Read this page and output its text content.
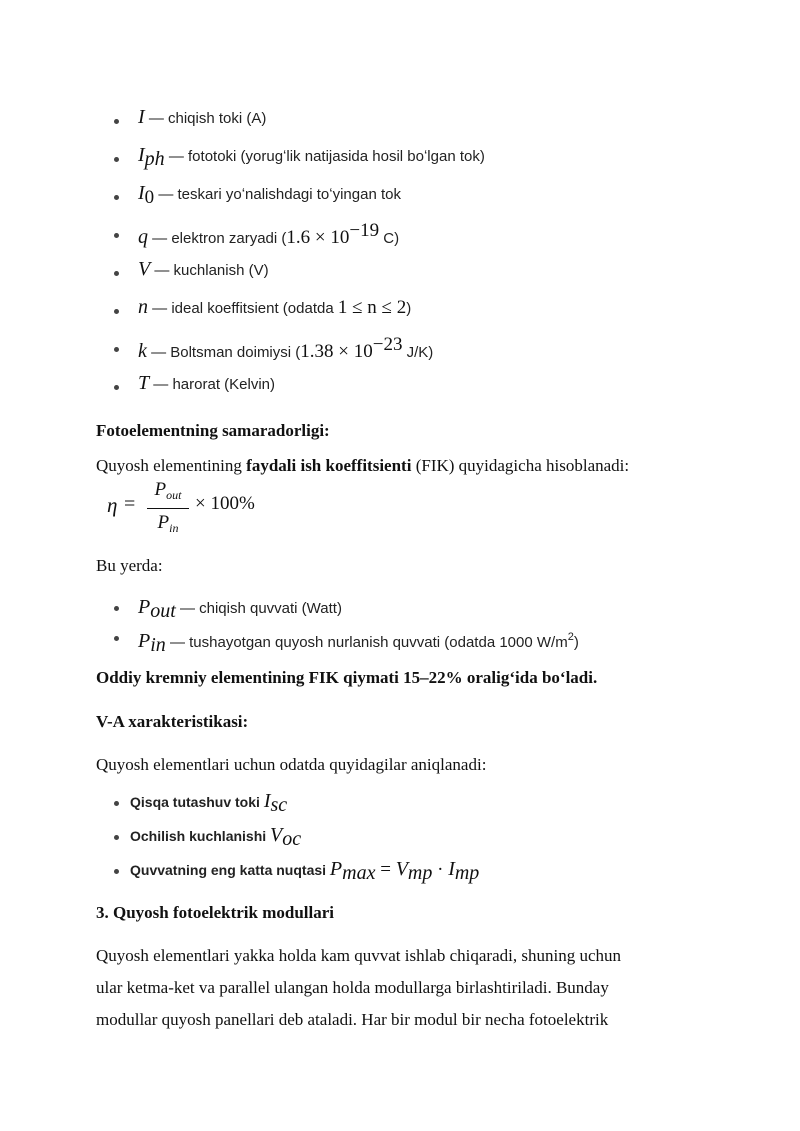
I — chiqish toki (A)
$I_{ph}$ — fototoki (yorugʻlik natijasida hosil boʻlgan tok)
$I_0$ — teskari yoʻnalishdagi toʻyingan tok
q — elektron zaryadi ($1.6 \times 10^{-19}$ C)
V — kuchlanish (V)
n — ideal koeffitsient (odatda 1 ≤ n ≤ 2)
k — Boltsman doimiysi ($1.38 \times 10^{-23}$ J/K)
T — harorat (Kelvin)

Fotoelementning samaradorligi:

Quyosh elementining faydali ish koeffitsienti (FIK) quyidagicha hisoblanadi:

η =
$P_{out}$
$P_{in}$
× 100%

Bu yerda:

$P_{out}$ — chiqish quvvati (Watt)
$P_{in}$ — tushayotgan quyosh nurlanish quvvati (odatda 1000 $W/m^2$)

Oddiy kremniy elementining FIK qiymati 15–22% oraligʻida boʻladi.

V-A xarakteristikasi:

Quyosh elementlari uchun odatda quyidagilar aniqlanadi:

Qisqa tutashuv toki $I_{sc}$
Ochilish kuchlanishi $V_{oc}$
Quvvatning eng katta nuqtasi $P_{max} = V_{mp} \cdot I_{mp}$

3. Quyosh fotoelektrik modullari

Quyosh elementlari yakka holda kam quvvat ishlab chiqaradi, shuning uchun
ular ketma-ket va parallel ulangan holda modullarga birlashtiriladi. Bunday
modullar quyosh panellari deb ataladi. Har bir modul bir necha fotoelektrik
